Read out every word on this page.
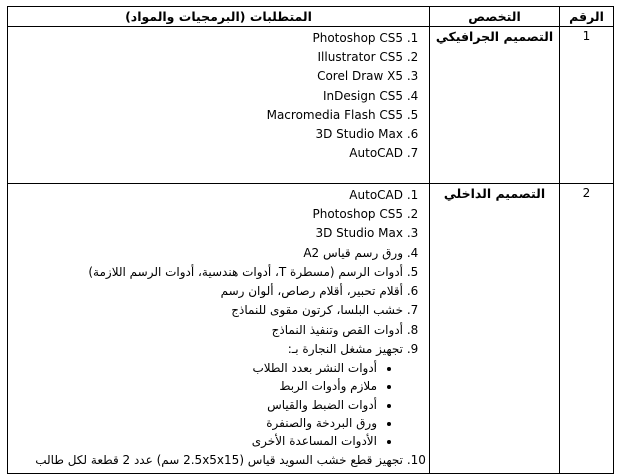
الرقم	التخصص	المتطلبات (البرمجيات والمواد)
1	التصميم الجرافيكي	
1. Photoshop CS5
2. Illustrator CS5
3. Corel Draw X5
4. InDesign CS5
5. Macromedia Flash CS5
6. 3D Studio Max
7. AutoCAD

2	التصميم الداخلي	
1. AutoCAD
2. Photoshop CS5
3. 3D Studio Max
4. ورق رسم قياس A2
5. أدوات الرسم (مسطرة T، أدوات هندسية، أدوات الرسم اللازمة)
6. أقلام تحبير، أقلام رصاص، ألوان رسم
7. خشب البلسا، كرتون مقوى للنماذج
8. أدوات القص وتنفيذ النماذج
9. تجهيز مشغل النجارة بـ:
• أدوات النشر بعدد الطلاب
• ملازم وأدوات الربط
• أدوات الضبط والقياس
• ورق البردخة والصنفرة
• الأدوات المساعدة الأخرى
10. تجهيز قطع خشب السويد قياس (2.5x5x15 سم) عدد 2 قطعة لكل طالب
